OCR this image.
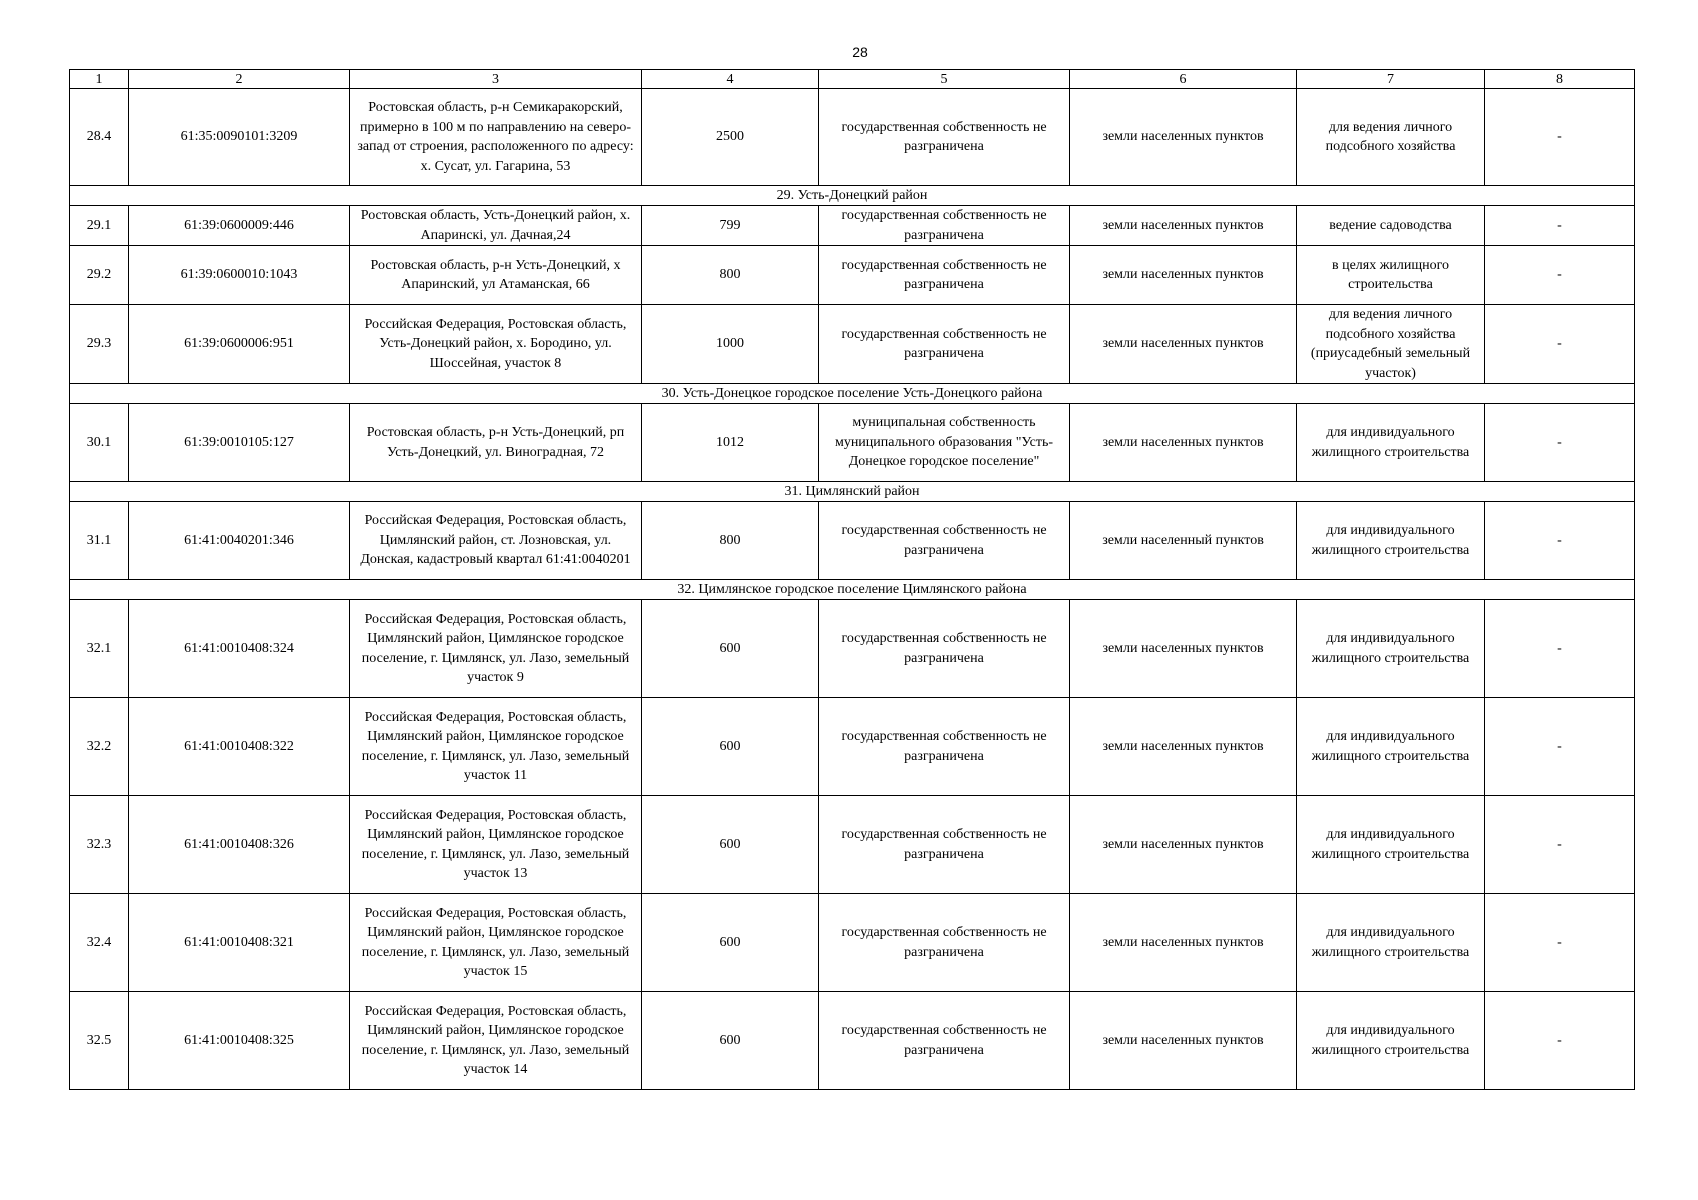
28
1	2	3	4	5	6	7	8
28.4	61:35:0090101:3209	Ростовская область, р-н Семикаракорский, примерно в 100 м по направлению на северо-запад от строения, расположенного по адресу: х. Сусат, ул. Гагарина, 53	2500	государственная собственность не разграничена	земли населенных пунктов	для ведения личного подсобного хозяйства	-
29. Усть-Донецкий район							
29.1	61:39:0600009:446	Ростовская область, Усть-Донецкий район, х. Апаринскі, ул. Дачная,24	799	государственная собственность не разграничена	земли населенных пунктов	ведение садоводства	-
29.2	61:39:0600010:1043	Ростовская область, р-н Усть-Донецкий, х Апаринский, ул Атаманская, 66	800	государственная собственность не разграничена	земли населенных пунктов	в целях жилищного строительства	-
29.3	61:39:0600006:951	Российская Федерация, Ростовская область, Усть-Донецкий район, х. Бородино, ул. Шоссейная, участок 8	1000	государственная собственность не разграничена	земли населенных пунктов	для ведения личного подсобного хозяйства (приусадебный земельный участок)	-
30. Усть-Донецкое городское поселение Усть-Донецкого района							
30.1	61:39:0010105:127	Ростовская область, р-н Усть-Донецкий, рп Усть-Донецкий, ул. Виноградная, 72	1012	муниципальная собственность муниципального образования "Усть-Донецкое городское поселение"	земли населенных пунктов	для индивидуального жилищного строительства	-
31. Цимлянский район							
31.1	61:41:0040201:346	Российская Федерация, Ростовская область, Цимлянский район, ст. Лозновская, ул. Донская, кадастровый квартал 61:41:0040201	800	государственная собственность не разграничена	земли населенный пунктов	для индивидуального жилищного строительства	-
32. Цимлянское городское поселение Цимлянского района							
32.1	61:41:0010408:324	Российская Федерация, Ростовская область, Цимлянский район, Цимлянское городское поселение, г. Цимлянск, ул. Лазо, земельный участок 9	600	государственная собственность не разграничена	земли населенных пунктов	для индивидуального жилищного строительства	-
32.2	61:41:0010408:322	Российская Федерация, Ростовская область, Цимлянский район, Цимлянское городское поселение, г. Цимлянск, ул. Лазо, земельный участок 11	600	государственная собственность не разграничена	земли населенных пунктов	для индивидуального жилищного строительства	-
32.3	61:41:0010408:326	Российская Федерация, Ростовская область, Цимлянский район, Цимлянское городское поселение, г. Цимлянск, ул. Лазо, земельный участок 13	600	государственная собственность не разграничена	земли населенных пунктов	для индивидуального жилищного строительства	-
32.4	61:41:0010408:321	Российская Федерация, Ростовская область, Цимлянский район, Цимлянское городское поселение, г. Цимлянск, ул. Лазо, земельный участок 15	600	государственная собственность не разграничена	земли населенных пунктов	для индивидуального жилищного строительства	-
32.5	61:41:0010408:325	Российская Федерация, Ростовская область, Цимлянский район, Цимлянское городское поселение, г. Цимлянск, ул. Лазо, земельный участок 14	600	государственная собственность не разграничена	земли населенных пунктов	для индивидуального жилищного строительства	-
